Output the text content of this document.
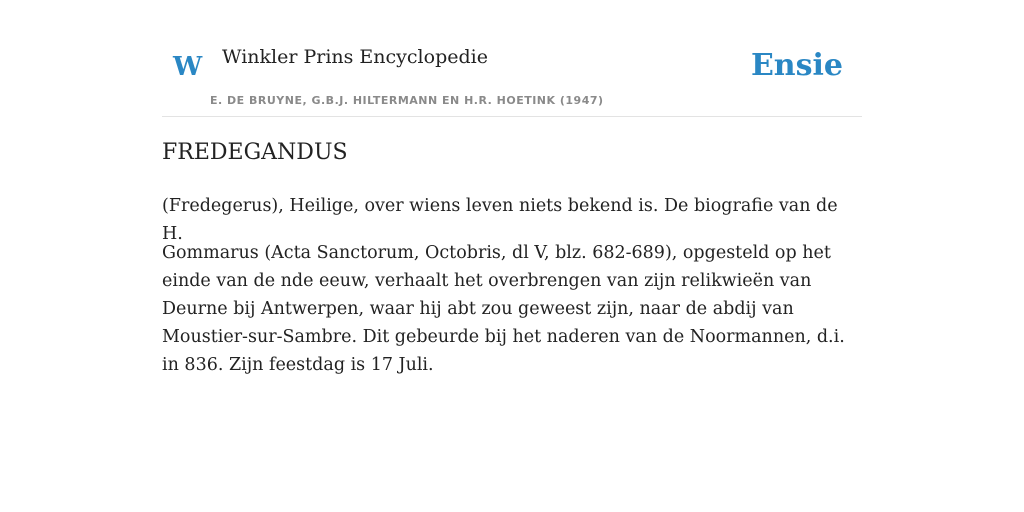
W Winkler Prins Encyclopedie
E. DE BRUYNE, G.B.J. HILTERMANN EN H.R. HOETINK (1947)
Ensie
FREDEGANDUS

(Fredegerus), Heilige, over wiens leven niets bekend is. De biografie van de H.

Gommarus (Acta Sanctorum, Octobris, dl V, blz. 682-689), opgesteld op het einde van de nde eeuw, verhaalt het overbrengen van zijn relikwieën van Deurne bij Antwerpen, waar hij abt zou geweest zijn, naar de abdij van Moustier-sur-Sambre. Dit gebeurde bij het naderen van de Noormannen, d.i. in 836. Zijn feestdag is 17 Juli.
